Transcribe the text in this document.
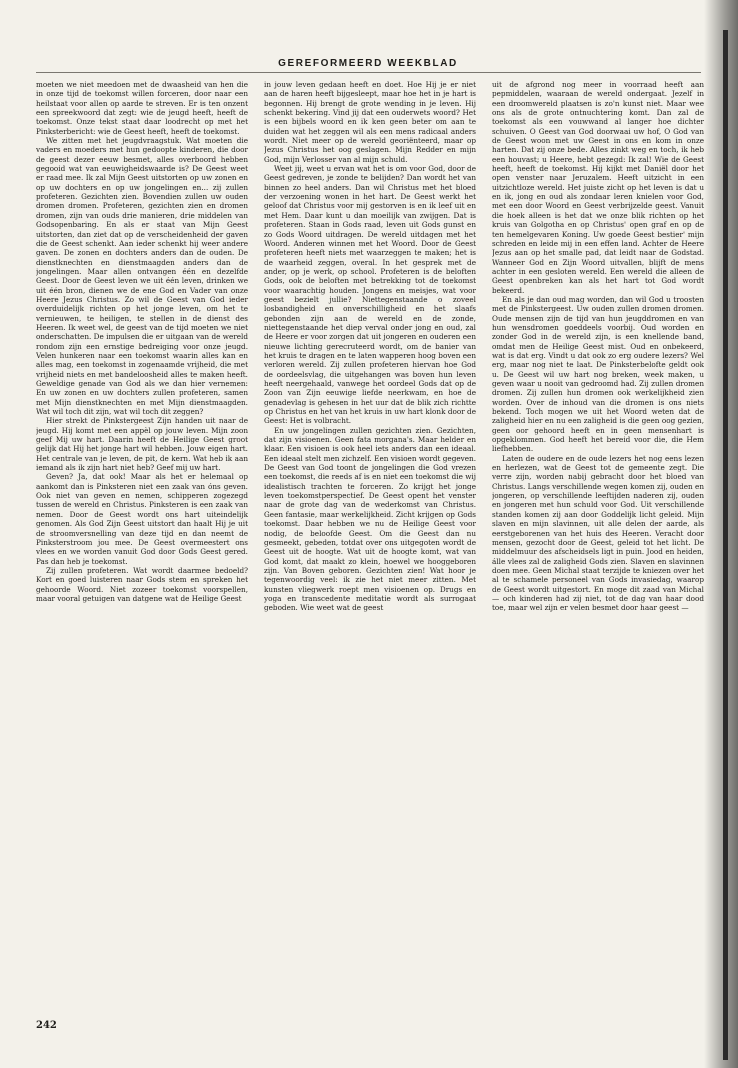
GEREFORMEERD WEEKBLAD

moeten we niet meedoen met de dwaasheid van hen die in onze tijd de toekomst willen forceren, door naar een heilstaat voor allen op aarde te streven. Er is ten onzent een spreekwoord dat zegt: wie de jeugd heeft, heeft de toekomst. Onze tekst staat daar loodrecht op met het Pinksterbericht: wie de Geest heeft, heeft de toekomst.

We zitten met het jeugdvraagstuk. Wat moeten die vaders en moeders met hun gedoopte kinderen, die door de geest dezer eeuw besmet, alles overboord hebben gegooid wat van eeuwigheidswaarde is? De Geest weet er raad mee. Ik zal Mijn Geest uitstorten op uw zonen en op uw dochters en op uw jongelingen en... zij zullen profeteren. Gezichten zien. Bovendien zullen uw ouden dromen dromen. Profeteren, gezichten zien en dromen dromen, zijn van ouds drie manieren, drie middelen van Godsopenbaring. En als er staat van Mijn Geest uitstorten, dan ziet dat op de verscheidenheid der gaven die de Geest schenkt. Aan ieder schenkt hij weer andere gaven. De zonen en dochters anders dan de ouden. De dienstknechten en dienstmaagden anders dan de jongelingen. Maar allen ontvangen één en dezelfde Geest. Door de Geest leven we uit één leven, drinken we uit één bron, dienen we de ene God en Vader van onze Heere Jezus Christus. Zo wil de Geest van God ieder overduidelijk richten op het jonge leven, om het te vernieuwen, te heiligen, te stellen in de dienst des Heeren. Ik weet wel, de geest van de tijd moeten we niet onderschatten. De impulsen die er uitgaan van de wereld rondom zijn een ernstige bedreiging voor onze jeugd. Velen hunkeren naar een toekomst waarin alles kan en alles mag, een toekomst in zogenaamde vrijheid, die met vrijheid niets en met bandeloosheid alles te maken heeft. Geweldige genade van God als we dan hier vernemen: En uw zonen en uw dochters zullen profeteren, samen met Mijn dienstknechten en met Mijn dienstmaagden. Wat wil toch dit zijn, wat wil toch dit zeggen?

Hier strekt de Pinkstergeest Zijn handen uit naar de jeugd. Hij komt met een appèl op jouw leven. Mijn zoon geef Mij uw hart. Daarin heeft de Heilige Geest groot gelijk dat Hij het jonge hart wil hebben. Jouw eigen hart. Het centrale van je leven, de pit, de kern. Wat heb ik aan iemand als ik zijn hart niet heb? Geef mij uw hart.

Geven? Ja, dat ook! Maar als het er helemaal op aankomt dan is Pinksteren niet een zaak van óns geven. Ook niet van geven en nemen, schipperen zogezegd tussen de wereld en Christus. Pinksteren is een zaak van nemen. Door de Geest wordt ons hart uiteindelijk genomen. Als God Zijn Geest uitstort dan haalt Hij je uit de stroomversnelling van deze tijd en dan neemt de Pinksterstroom jou mee. De Geest overmeestert ons vlees en we worden vanuit God door Gods Geest gered. Pas dan heb je toekomst.

Zij zullen profeteren. Wat wordt daarmee bedoeld? Kort en goed luisteren naar Gods stem en spreken het gehoorde Woord. Niet zozeer toekomst voorspellen, maar vooral getuigen van datgene wat de Heilige Geest

in jouw leven gedaan heeft en doet. Hoe Hij je er niet aan de haren heeft bijgesleept, maar hoe het in je hart is begonnen. Hij brengt de grote wending in je leven. Hij schenkt bekering. Vind jij dat een ouderwets woord? Het is een bijbels woord en ik ken geen beter om aan te duiden wat het zeggen wil als een mens radicaal anders wordt. Niet meer op de wereld georiënteerd, maar op Jezus Christus het oog geslagen. Mijn Redder en mijn God, mijn Verlosser van al mijn schuld.

Weet jij, weet u ervan wat het is om voor God, door de Geest gedreven, je zonde te belijden? Dan wordt het van binnen zo heel anders. Dan wil Christus met het bloed der verzoening wonen in het hart. De Geest werkt het geloof dat Christus voor mij gestorven is en ik leef uit en met Hem. Daar kunt u dan moeilijk van zwijgen. Dat is profeteren. Staan in Gods raad, leven uit Gods gunst en zo Gods Woord uitdragen. De wereld uitdagen met het Woord. Anderen winnen met het Woord. Door de Geest profeteren heeft niets met waarzeggen te maken; het is de waarheid zeggen, overal. In het gesprek met de ander, op je werk, op school. Profeteren is de beloften Gods, ook de beloften met betrekking tot de toekomst voor waarachtig houden. Jongens en meisjes, wat voor geest bezielt jullie? Niettegenstaande o zoveel losbandigheid en onverschilligheid en het slaafs gebonden zijn aan de wereld en de zonde, niettegenstaande het diep verval onder jong en oud, zal de Heere er voor zorgen dat uit jongeren en ouderen een nieuwe lichting gerecruteerd wordt, om de banier van het kruis te dragen en te laten wapperen hoog boven een verloren wereld. Zij zullen profeteren hiervan hoe God de oordeelsvlag, die uitgehangen was boven hun leven heeft neergehaald, vanwege het oordeel Gods dat op de Zoon van Zijn eeuwige liefde neerkwam, en hoe de genadevlag is gehesen in het uur dat de blik zich richtte op Christus en het van het kruis in uw hart klonk door de Geest: Het is volbracht.

En uw jongelingen zullen gezichten zien. Gezichten, dat zijn visioenen. Geen fata morgana's. Maar helder en klaar. Een visioen is ook heel iets anders dan een ideaal. Een ideaal stelt men zichzelf. Een visioen wordt gegeven. De Geest van God toont de jongelingen die God vrezen een toekomst, die reeds af is en niet een toekomst die wij idealistisch trachten te forceren. Zo krijgt het jonge leven toekomstperspectief. De Geest opent het venster naar de grote dag van de wederkomst van Christus. Geen fantasie, maar werkelijkheid. Zicht krijgen op Gods toekomst. Daar hebben we nu de Heilige Geest voor nodig, de beloofde Geest. Om die Geest dan nu gesmeekt, gebeden, totdat over ons uitgegoten wordt de Geest uit de hoogte. Wat uit de hoogte komt, wat van God komt, dat maakt zo klein, hoewel we hooggeboren zijn. Van Boven geboren. Gezichten zien! Wat hoor je tegenwoordig veel: ik zie het niet meer zitten. Met kunsten vliegwerk roept men visioenen op. Drugs en yoga en transcedente meditatie wordt als surrogaat geboden. Wie weet wat de geest

uit de afgrond nog meer in voorraad heeft aan pepmiddelen, waaraan de wereld ondergaat. Jezelf in een droomwereld plaatsen is zo'n kunst niet. Maar wee ons als de grote ontnuchtering komt. Dan zal de toekomst als een vouwwand al langer hoe dichter schuiven. O Geest van God doorwaai uw hof, O God van de Geest woon met uw Geest in ons en kom in onze harten. Dat zij onze bede. Alles zinkt weg en toch, ik heb een houvast; u Heere, hebt gezegd: Ik zal! Wie de Geest heeft, heeft de toekomst. Hij kijkt met Daniël door het open venster naar Jeruzalem. Heeft uitzicht in een uitzichtloze wereld. Het juiste zicht op het leven is dat u en ik, jong en oud als zondaar leren knielen voor God, met een door Woord en Geest verbrijzelde geest. Vanuit die hoek alleen is het dat we onze blik richten op het kruis van Golgotha en op Christus' open graf en op de ten hemelgevaren Koning. Uw goede Geest bestier' mijn schreden en leide mij in een effen land. Achter de Heere Jezus aan op het smalle pad, dat leidt naar de Godstad. Wanneer God en Zijn Woord uitvallen, blijft de mens achter in een gesloten wereld. Een wereld die alleen de Geest openbreken kan als het hart tot God wordt bekeerd.

En als je dan oud mag worden, dan wil God u troosten met de Pinkstergeest. Uw ouden zullen dromen dromen. Oude mensen zijn de tijd van hun jeugddromen en van hun wensdromen goeddeels voorbij. Oud worden en zonder God in de wereld zijn, is een knellende band, omdat men de Heilige Geest mist. Oud en onbekeerd, wat is dat erg. Vindt u dat ook zo erg oudere lezers? Wel erg, maar nog niet te laat. De Pinksterbelofte geldt ook u. De Geest wil uw hart nog breken, week maken, u geven waar u nooit van gedroomd had. Zij zullen dromen dromen. Zij zullen hun dromen ook werkelijkheid zien worden. Over de inhoud van die dromen is ons niets bekend. Toch mogen we uit het Woord weten dat de zaligheid hier en nu een zaligheid is die geen oog gezien, geen oor gehoord heeft en in geen mensenhart is opgeklommen. God heeft het bereid voor die, die Hem liefhebben.

Laten de oudere en de oude lezers het nog eens lezen en herlezen, wat de Geest tot de gemeente zegt. Die verre zijn, worden nabij gebracht door het bloed van Christus. Langs verschillende wegen komen zij, ouden en jongeren, op verschillende leeftijden naderen zij, ouden en jongeren met hun schuld voor God. Uit verschillende standen komen zij aan door Goddelijk licht geleid. Mijn slaven en mijn slavinnen, uit alle delen der aarde, als eerstgeborenen van het huis des Heeren. Veracht door mensen, gezocht door de Geest, geleid tot het licht. De middelmuur des afscheidsels ligt in puin. Jood en heiden, álle vlees zal de zaligheid Gods zien. Slaven en slavinnen doen mee. Geen Michal staat terzijde te kniezen over het al te schamele personeel van Gods invasiedag, waarop de Geest wordt uitgestort. En moge dit zaad van Michal — och kinderen had zij niet, tot de dag van haar dood toe, maar wel zijn er velen besmet door haar geest —

242
